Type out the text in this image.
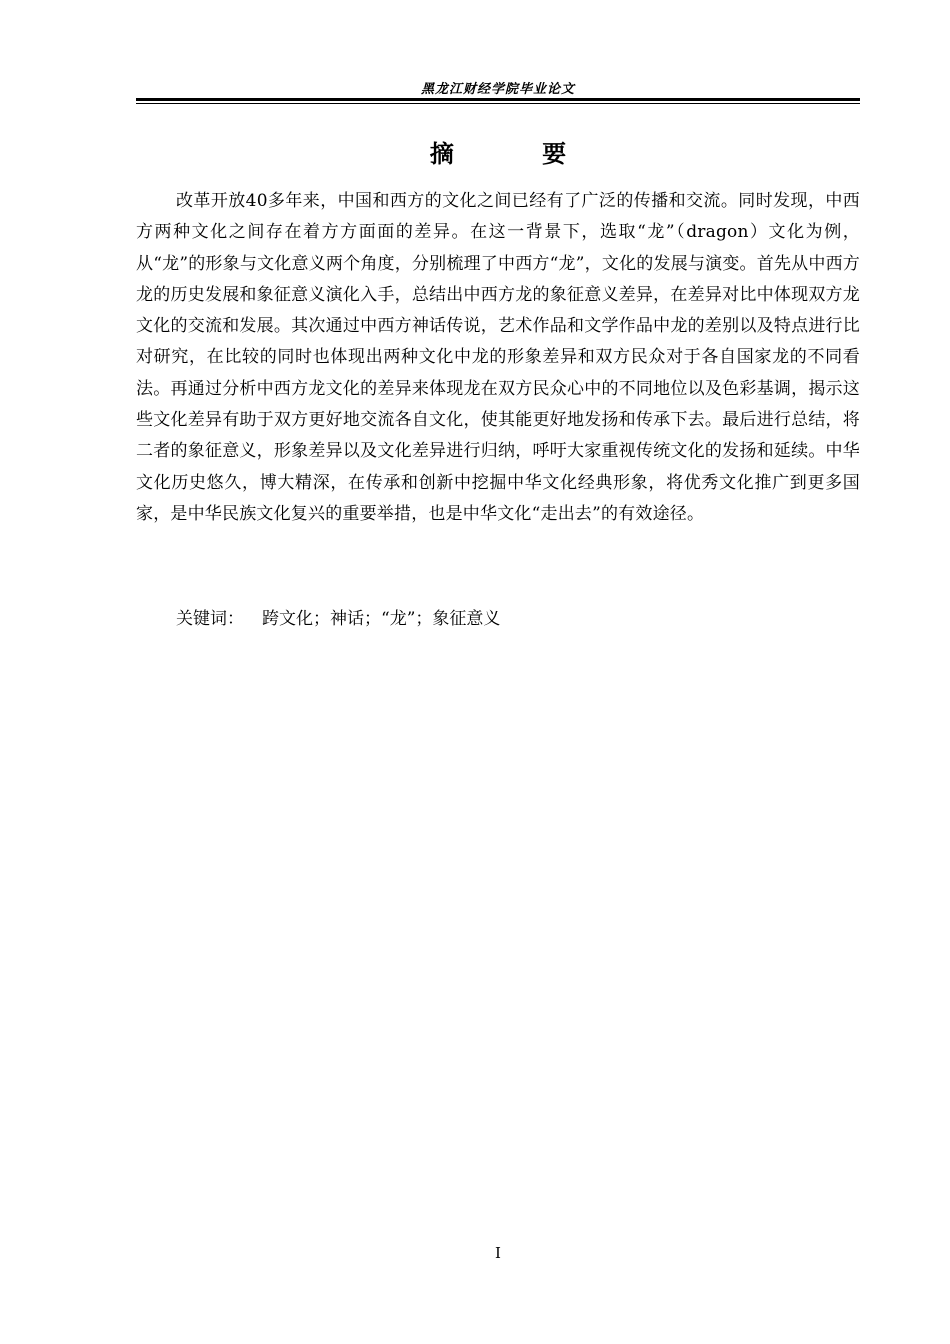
黑龙江财经学院毕业论文
摘 要

改革开放40多年来，中国和西方的文化之间已经有了广泛的传播和交流。同时发现，中西方两种文化之间存在着方方面面的差异。在这一背景下，选取“龙”（dragon）文化为例，从“龙”的形象与文化意义两个角度，分别梳理了中西方“龙”，文化的发展与演变。首先从中西方龙的历史发展和象征意义演化入手，总结出中西方龙的象征意义差异，在差异对比中体现双方龙文化的交流和发展。其次通过中西方神话传说，艺术作品和文学作品中龙的差别以及特点进行比对研究，在比较的同时也体现出两种文化中龙的形象差异和双方民众对于各自国家龙的不同看法。再通过分析中西方龙文化的差异来体现龙在双方民众心中的不同地位以及色彩基调，揭示这些文化差异有助于双方更好地交流各自文化，使其能更好地发扬和传承下去。最后进行总结，将二者的象征意义，形象差异以及文化差异进行归纳，呼吁大家重视传统文化的发扬和延续。中华文化历史悠久，博大精深，在传承和创新中挖掘中华文化经典形象，将优秀文化推广到更多国家，是中华民族文化复兴的重要举措，也是中华文化“走出去”的有效途径。

关键词： 跨文化；神话；“龙”；象征意义
I
